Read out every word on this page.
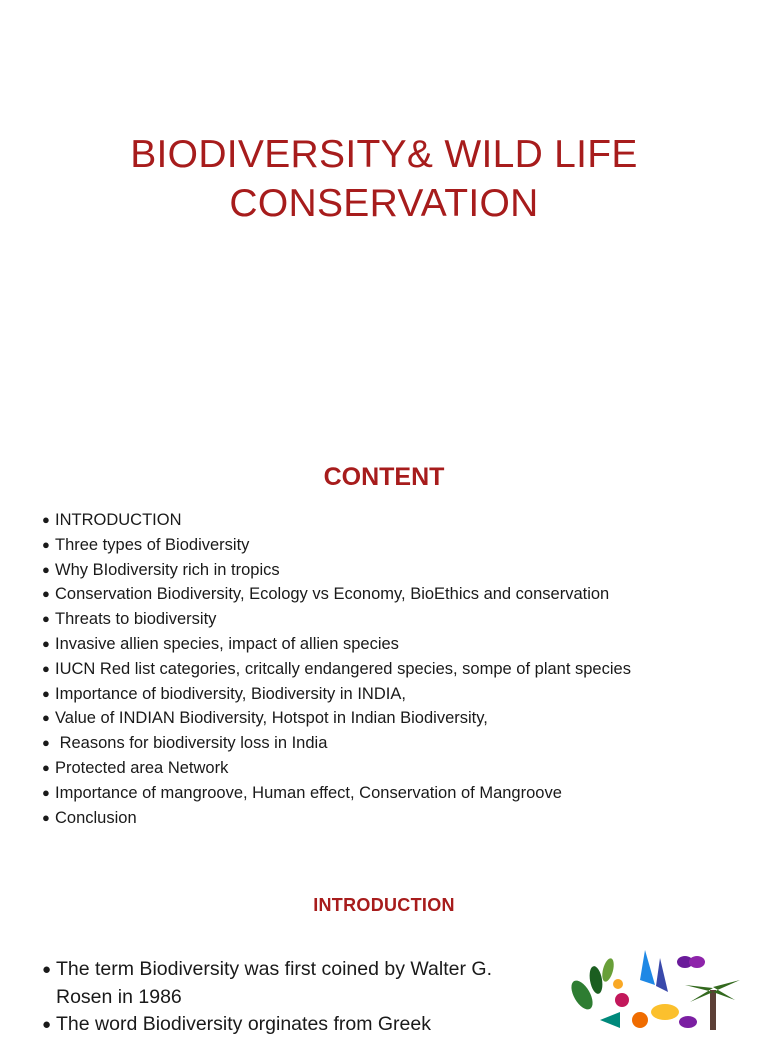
BIODIVERSITY& WILD LIFE
CONSERVATION
CONTENT
● INTRODUCTION
● Three types of Biodiversity
● Why BIodiversity rich in tropics
● Conservation Biodiversity, Ecology vs Economy, BioEthics and conservation
● Threats to biodiversity
● Invasive allien species, impact of allien species
● IUCN Red list categories, critcally endangered species, sompe of plant species
● Importance of biodiversity, Biodiversity in INDIA,
● Value of INDIAN Biodiversity, Hotspot in Indian Biodiversity,
● Reasons for biodiversity loss in India
● Protected area Network
● Importance of mangroove, Human effect, Conservation of Mangroove
● Conclusion
INTRODUCTION
● The term Biodiversity was first coined by Walter G. Rosen in 1986
● The word Biodiversity orginates from Greek
